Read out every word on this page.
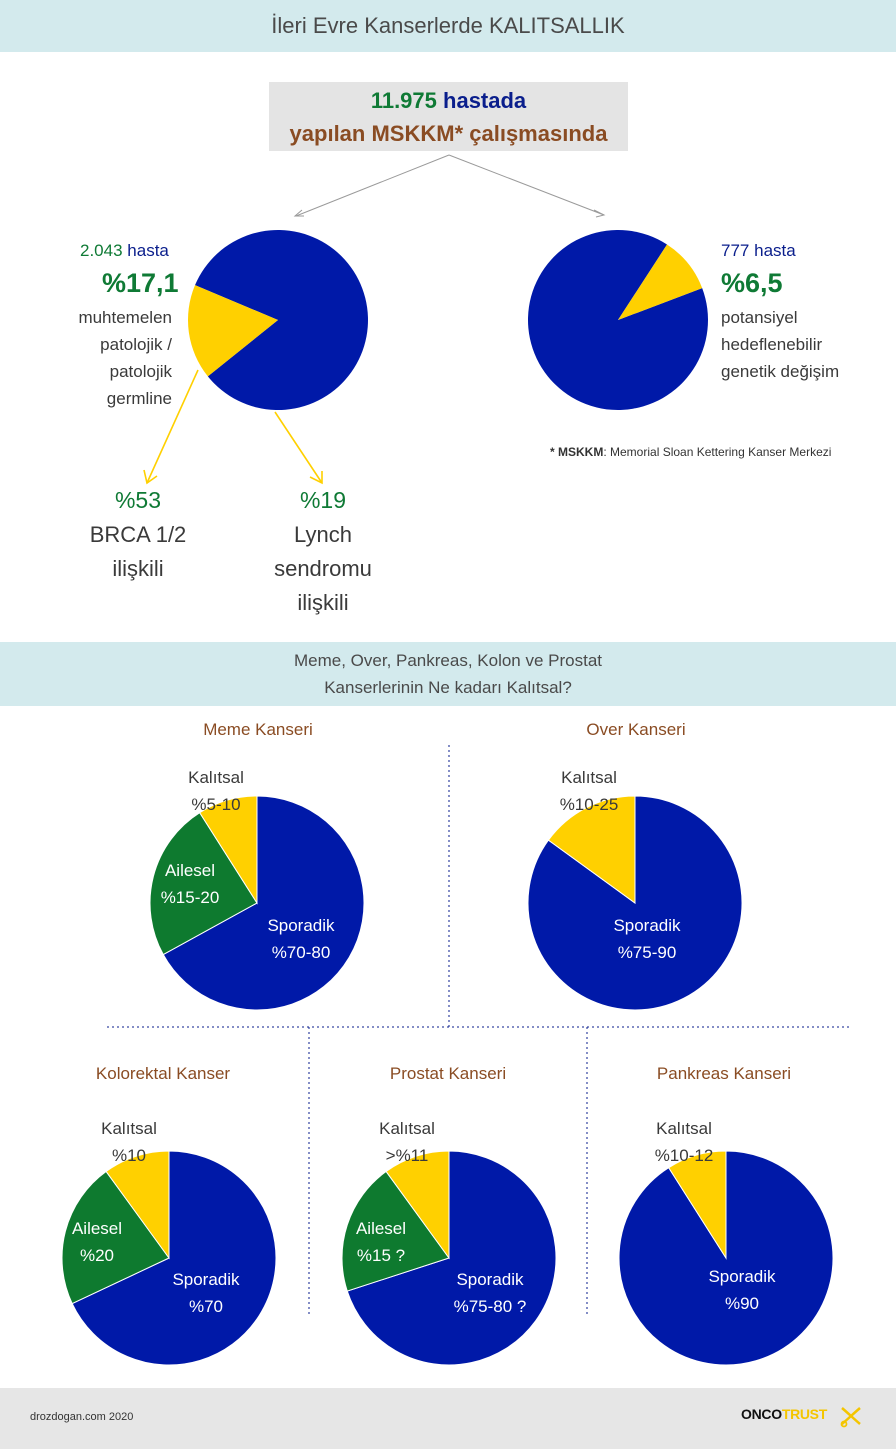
İleri Evre Kanserlerde KALITSALLIK
11.975 hastada
yapılan MSKKM* çalışmasında
2.043 hasta
%17,1
muhtemelen
patolojik /
patolojik
germline
777 hasta
%6,5
potansiyel
hedeflenebilir
genetik değişim
* MSKKM: Memorial Sloan Kettering Kanser Merkezi
%53
BRCA 1/2
ilişkili
%19
Lynch
sendromu
ilişkili
Meme, Over, Pankreas, Kolon ve Prostat
Kanserlerinin Ne kadarı Kalıtsal?
Meme Kanseri	Over Kanseri
Kolorektal Kanser	Prostat Kanseri	Pankreas Kanseri
Sporadik
%70-80
Ailesel
%15-20
Kalıtsal
%5-10
Sporadik
%75-90
Kalıtsal
%10-25
Sporadik
%70
Ailesel
%20
Kalıtsal
%10
Sporadik
%75-80 ?
Ailesel
%15 ?
Kalıtsal
>%11
Sporadik
%90
Kalıtsal
%10-12
drozdogan.com 2020	ONCOTRUST
